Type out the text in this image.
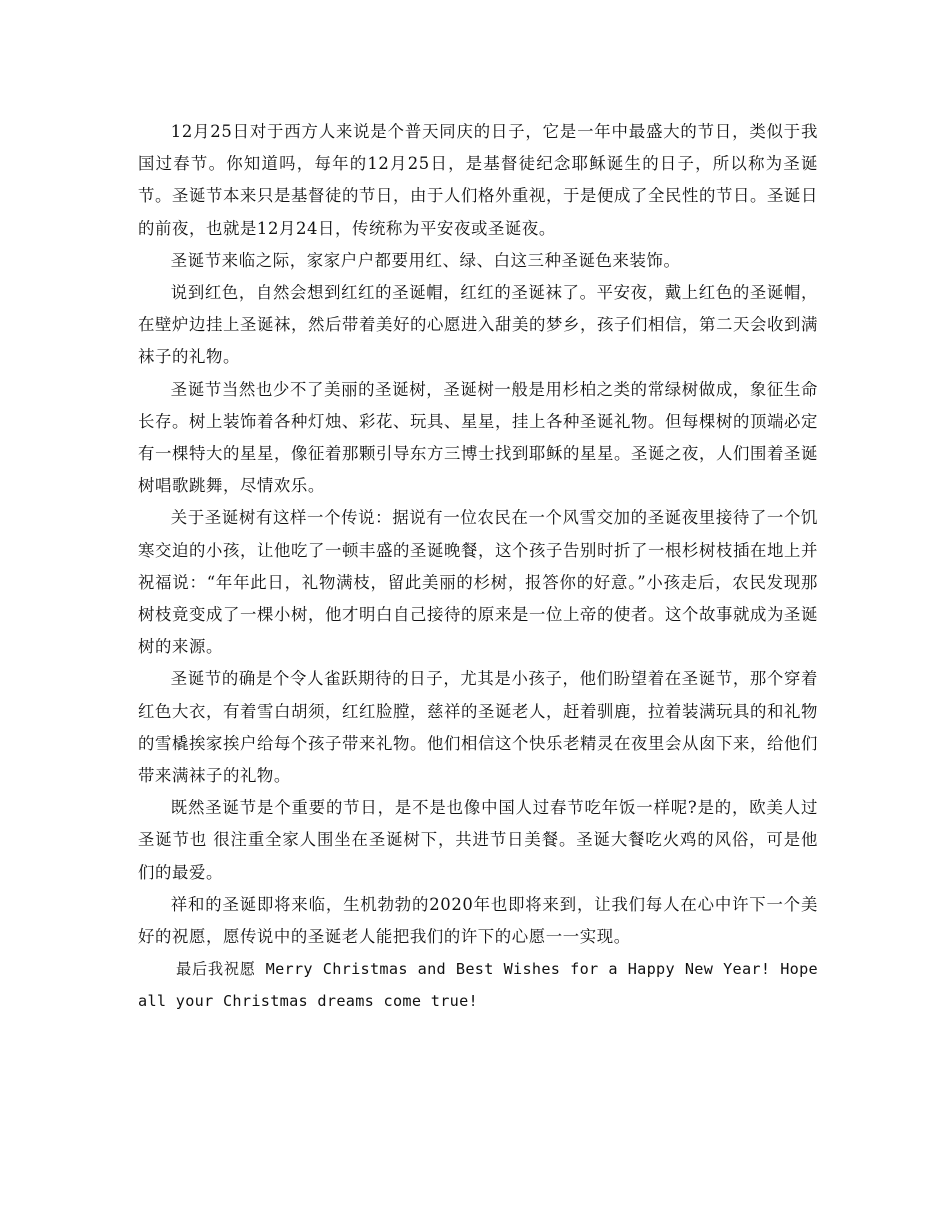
12月25日对于西方人来说是个普天同庆的日子，它是一年中最盛大的节日，类似于我国过春节。你知道吗，每年的12月25日，是基督徒纪念耶稣诞生的日子，所以称为圣诞节。圣诞节本来只是基督徒的节日，由于人们格外重视，于是便成了全民性的节日。圣诞日的前夜，也就是12月24日，传统称为平安夜或圣诞夜。

圣诞节来临之际，家家户户都要用红、绿、白这三种圣诞色来装饰。

说到红色，自然会想到红红的圣诞帽，红红的圣诞袜了。平安夜，戴上红色的圣诞帽，在壁炉边挂上圣诞袜，然后带着美好的心愿进入甜美的梦乡，孩子们相信，第二天会收到满袜子的礼物。

圣诞节当然也少不了美丽的圣诞树，圣诞树一般是用杉柏之类的常绿树做成，象征生命长存。树上装饰着各种灯烛、彩花、玩具、星星，挂上各种圣诞礼物。但每棵树的顶端必定有一棵特大的星星，像征着那颗引导东方三博士找到耶稣的星星。圣诞之夜，人们围着圣诞树唱歌跳舞，尽情欢乐。

关于圣诞树有这样一个传说：据说有一位农民在一个风雪交加的圣诞夜里接待了一个饥寒交迫的小孩，让他吃了一顿丰盛的圣诞晚餐，这个孩子告别时折了一根杉树枝插在地上并祝福说：“年年此日，礼物满枝，留此美丽的杉树，报答你的好意。”小孩走后，农民发现那树枝竟变成了一棵小树，他才明白自己接待的原来是一位上帝的使者。这个故事就成为圣诞树的来源。

圣诞节的确是个令人雀跃期待的日子，尤其是小孩子，他们盼望着在圣诞节，那个穿着红色大衣，有着雪白胡须，红红脸膛，慈祥的圣诞老人，赶着驯鹿，拉着装满玩具的和礼物的雪橇挨家挨户给每个孩子带来礼物。他们相信这个快乐老精灵在夜里会从囱下来，给他们带来满袜子的礼物。

既然圣诞节是个重要的节日，是不是也像中国人过春节吃年饭一样呢?是的，欧美人过圣诞节也 很注重全家人围坐在圣诞树下，共进节日美餐。圣诞大餐吃火鸡的风俗，可是他们的最爱。

祥和的圣诞即将来临，生机勃勃的2020年也即将来到，让我们每人在心中许下一个美好的祝愿，愿传说中的圣诞老人能把我们的许下的心愿一一实现。

最后我祝愿 Merry Christmas and Best Wishes for a Happy New Year! Hope all your Christmas dreams come true!
